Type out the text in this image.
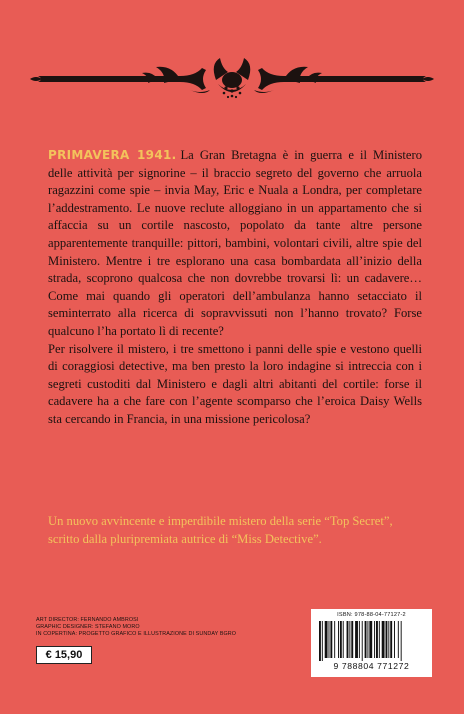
PRIMAVERA 1941. La Gran Bretagna è in guerra e il Ministero delle attività per signorine – il braccio segreto del governo che arruola ragazzini come spie – invia May, Eric e Nuala a Londra, per completare l’addestramento. Le nuove reclute alloggiano in un appartamento che si affaccia su un cortile nascosto, popolato da tante altre persone apparentemente tranquille: pittori, bambini, volontari civili, altre spie del Ministero. Mentre i tre esplorano una casa bombardata all’inizio della strada, scoprono qualcosa che non dovrebbe trovarsi lì: un cadavere… Come mai quando gli operatori dell’ambulanza hanno setacciato il seminterrato alla ricerca di sopravvissuti non l’hanno trovato? Forse qualcuno l’ha portato lì di recente?

Per risolvere il mistero, i tre smettono i panni delle spie e vestono quelli di coraggiosi detective, ma ben presto la loro indagine si intreccia con i segreti custoditi dal Ministero e dagli altri abitanti del cortile: forse il cadavere ha a che fare con l’agente scomparso che l’eroica Daisy Wells sta cercando in Francia, in una missione pericolosa?

Un nuovo avvincente e imperdibile mistero della serie “Top Secret”, scritto dalla pluripremiata autrice di “Miss Detective”.

ART DIRECTOR: FERNANDO AMBROSI
GRAPHIC DESIGNER: STEFANO MORO
IN COPERTINA: PROGETTO GRAFICO E ILLUSTRAZIONE DI SUNDAY BGRO
€ 15,90
ISBN: 978-88-04-77127-2
9 788804 771272
